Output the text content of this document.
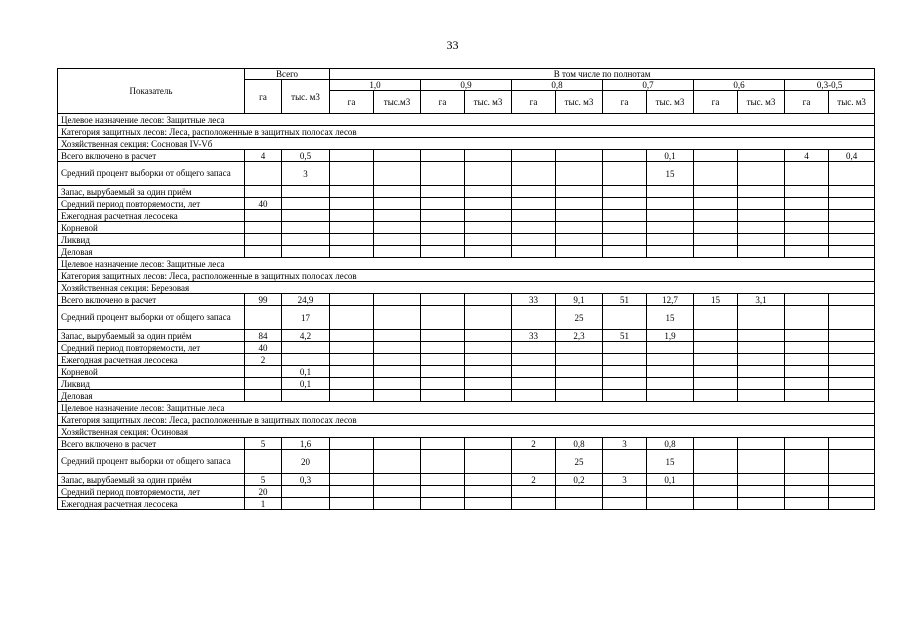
33
Показатель	Всего		В том числе по полнотам											
	га	тыс. м3	1,0		0,9		0,8		0,7		0,6		0,3-0,5	
			га	тыс.м3	га	тыс. м3	га	тыс. м3	га	тыс. м3	га	тыс. м3	га	тыс. м3
Целевое назначение лесов: Защитные леса														
Категория защитных лесов: Леса, расположенные в защитных полосах лесов														
Хозяйственная секция: Сосновая IV-Vб														
Всего включено в расчет	4	0,5								0,1			4	0,4
Средний процент выборки от общего запаса		3								15				
Запас, вырубаемый за один приём														
Средний период повторяемости, лет	40													
Ежегодная расчетная лесосека														
Корневой														
Ликвид														
Деловая														
Целевое назначение лесов: Защитные леса														
Категория защитных лесов: Леса, расположенные в защитных полосах лесов														
Хозяйственная секция: Березовая														
Всего включено в расчет	99	24,9					33	9,1	51	12,7	15	3,1		
Средний процент выборки от общего запаса		17						25		15				
Запас, вырубаемый за один приём	84	4,2					33	2,3	51	1,9				
Средний период повторяемости, лет	40													
Ежегодная расчетная лесосека	2													
Корневой		0,1												
Ликвид		0,1												
Деловая														
Целевое назначение лесов: Защитные леса														
Категория защитных лесов: Леса, расположенные в защитных полосах лесов														
Хозяйственная секция: Осиновая														
Всего включено в расчет	5	1,6					2	0,8	3	0,8				
Средний процент выборки от общего запаса		20						25		15				
Запас, вырубаемый за один приём	5	0,3					2	0,2	3	0,1				
Средний период повторяемости, лет	20													
Ежегодная расчетная лесосека	1													
